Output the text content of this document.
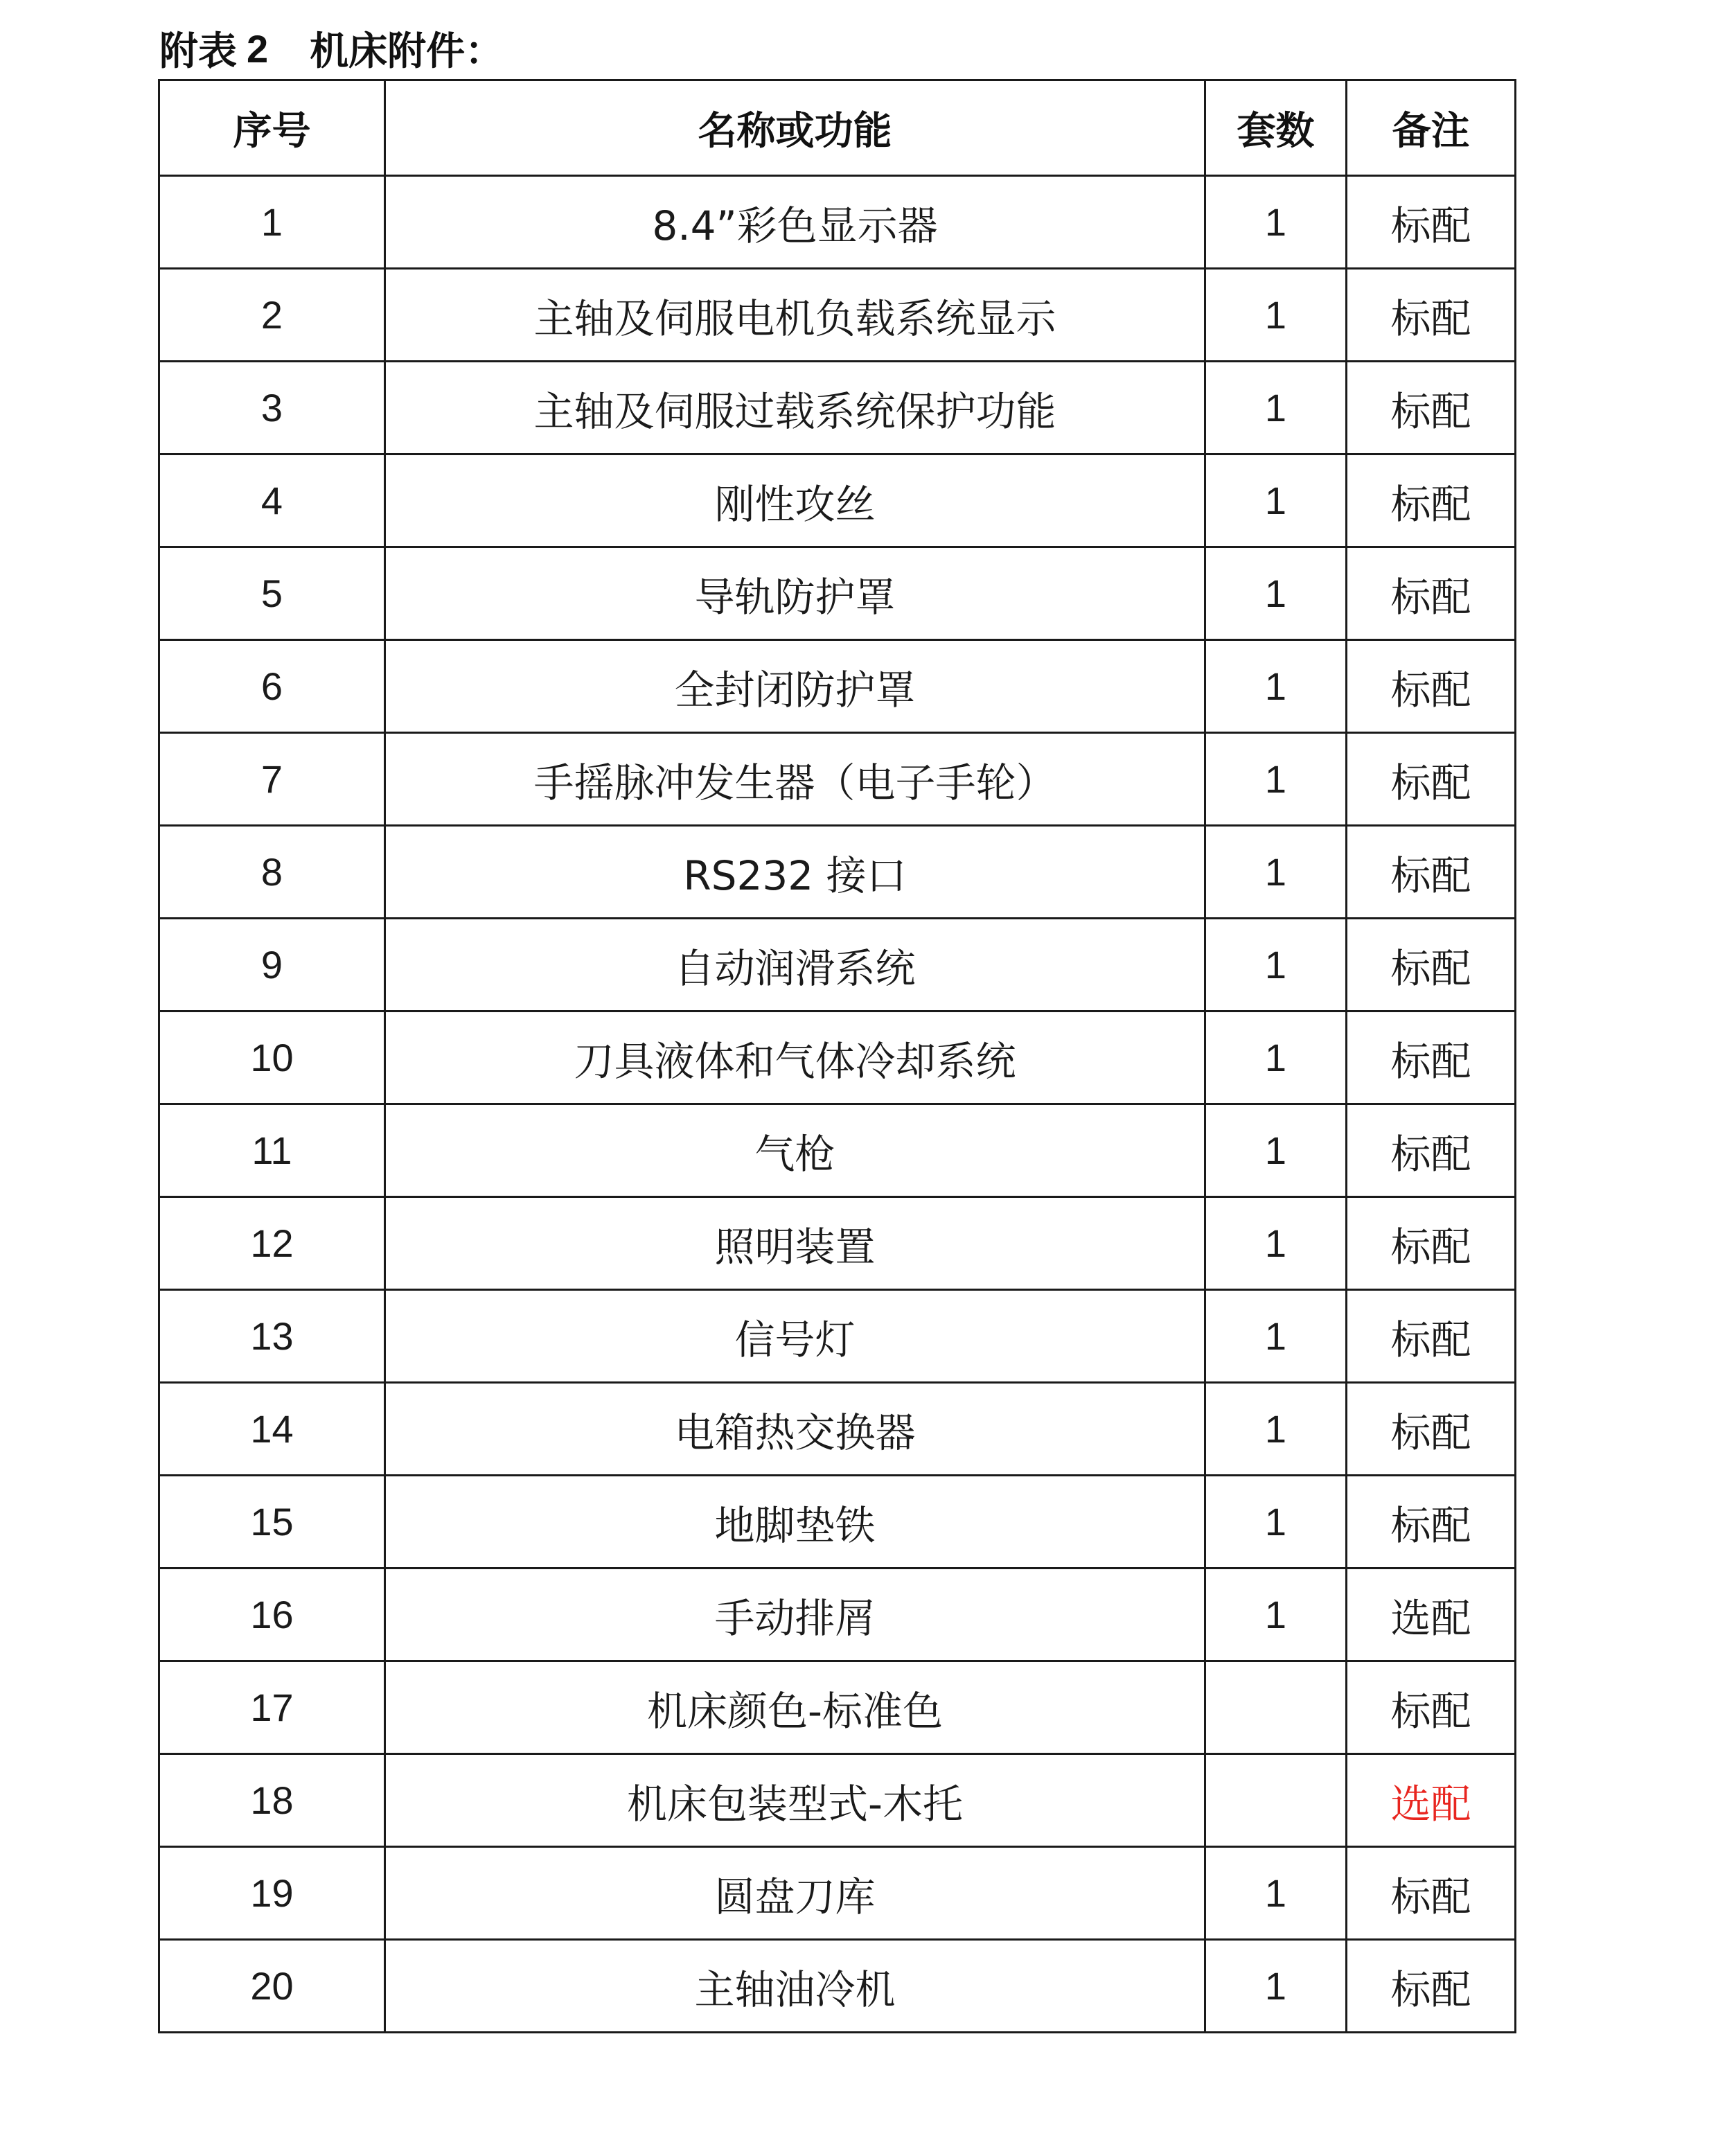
附表 2 机床附件：
序号	名称或功能	套数	备注
1	8.4”彩色显示器	1	标配
2	主轴及伺服电机负载系统显示	1	标配
3	主轴及伺服过载系统保护功能	1	标配
4	刚性攻丝	1	标配
5	导轨防护罩	1	标配
6	全封闭防护罩	1	标配
7	手摇脉冲发生器（电子手轮）	1	标配
8	RS232 接口	1	标配
9	自动润滑系统	1	标配
10	刀具液体和气体冷却系统	1	标配
11	气枪	1	标配
12	照明装置	1	标配
13	信号灯	1	标配
14	电箱热交换器	1	标配
15	地脚垫铁	1	标配
16	手动排屑	1	选配
17	机床颜色-标准色		标配
18	机床包装型式-木托		选配
19	圆盘刀库	1	标配
20	主轴油冷机	1	标配
